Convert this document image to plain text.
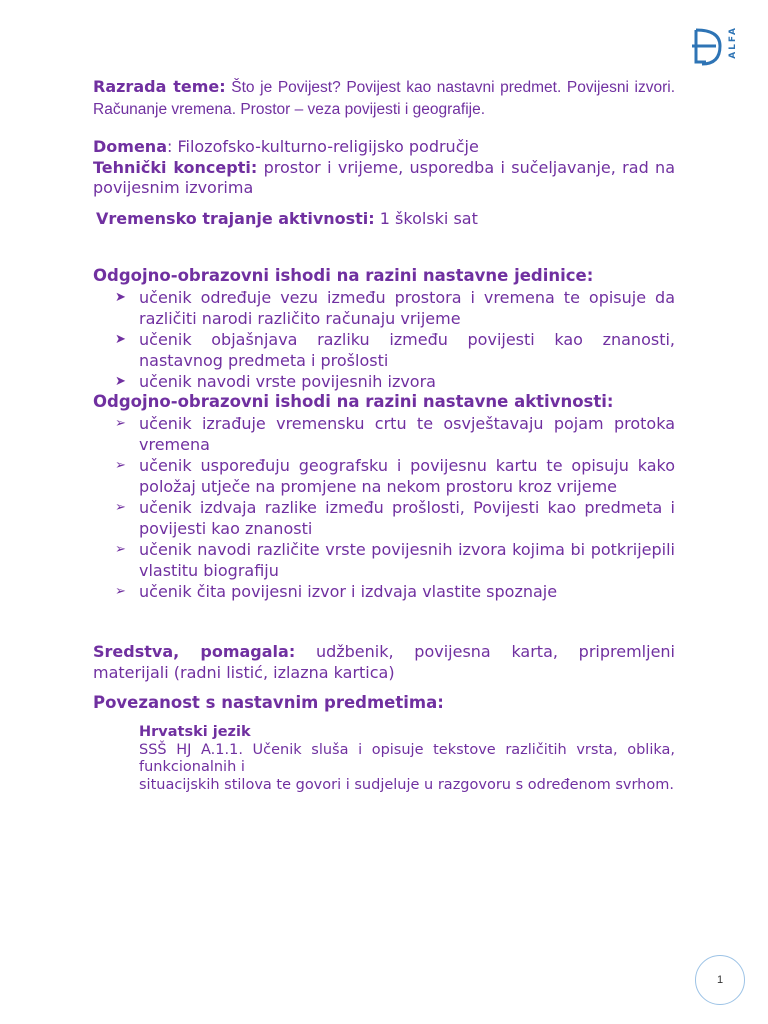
ALFA

Razrada teme: Što je Povijest? Povijest kao nastavni predmet. Povijesni izvori. Računanje vremena. Prostor – veza povijesti i geografije.

Domena: Filozofsko-kulturno-religijsko područje

Tehnički koncepti: prostor i vrijeme, usporedba i sučeljavanje, rad na povijesnim izvorima

Vremensko trajanje aktivnosti: 1 školski sat

Odgojno-obrazovni ishodi na razini nastavne jedinice:

➤ učenik određuje vezu između prostora i vremena te opisuje da različiti narodi različito računaju vrijeme
➤ učenik objašnjava razliku između povijesti kao znanosti, nastavnog predmeta i prošlosti
➤ učenik navodi vrste povijesnih izvora

Odgojno-obrazovni ishodi na razini nastavne aktivnosti:

➢ učenik izrađuje vremensku crtu te osvještavaju pojam protoka vremena
➢ učenik uspoređuju geografsku i povijesnu kartu te opisuju kako položaj utječe na promjene na nekom prostoru kroz vrijeme
➢ učenik izdvaja razlike između prošlosti, Povijesti kao predmeta i povijesti kao znanosti
➢ učenik navodi različite vrste povijesnih izvora kojima bi potkrijepili vlastitu biografiju
➢ učenik čita povijesni izvor i izdvaja vlastite spoznaje

Sredstva, pomagala: udžbenik, povijesna karta, pripremljeni materijali (radni listić, izlazna kartica)

Povezanost s nastavnim predmetima:

Hrvatski jezik
SSŠ HJ A.1.1. Učenik sluša i opisuje tekstove različitih vrsta, oblika, funkcionalnih i
situacijskih stilova te govori i sudjeluje u razgovoru s određenom svrhom.
1
